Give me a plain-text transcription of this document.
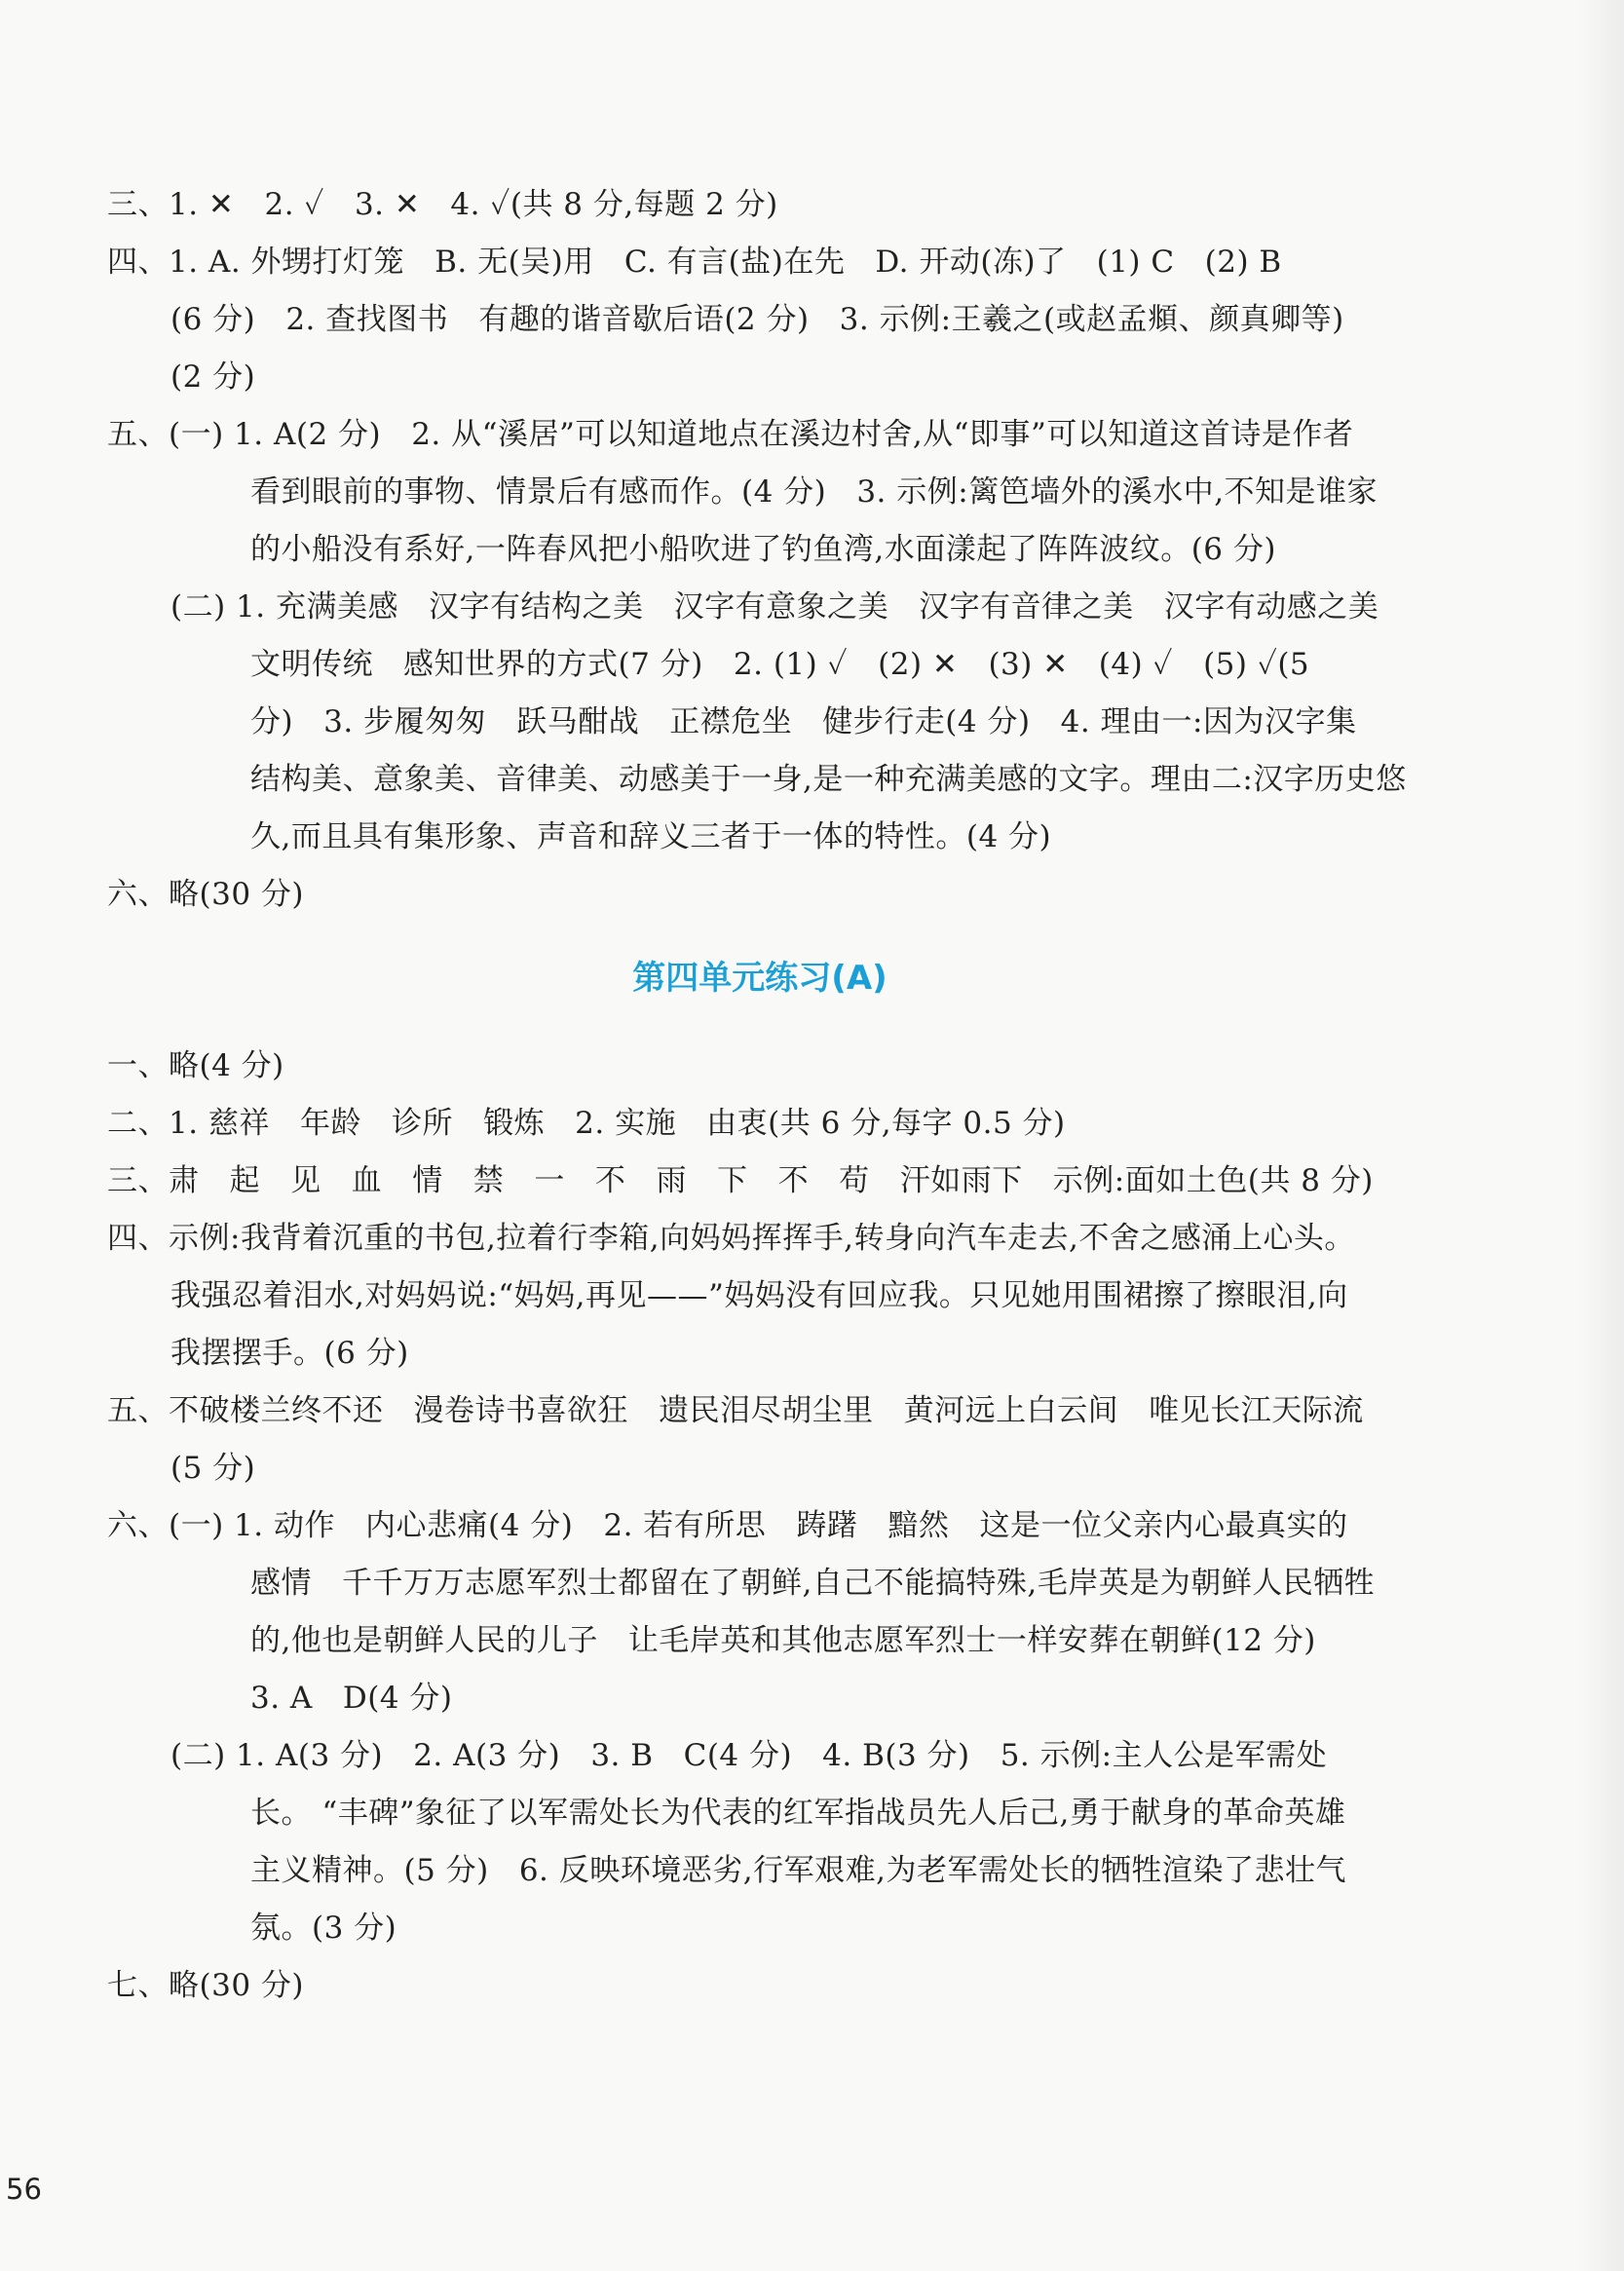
三、1. ✕   2. ✓   3. ✕   4. ✓(共 8 分,每题 2 分)

四、1. A. 外甥打灯笼   B. 无(吴)用   C. 有言(盐)在先   D. 开动(冻)了   (1) C   (2) B

(6 分)   2. 查找图书   有趣的谐音歇后语(2 分)   3. 示例:王羲之(或赵孟頫、颜真卿等)

(2 分)

五、(一) 1. A(2 分)   2. 从“溪居”可以知道地点在溪边村舍,从“即事”可以知道这首诗是作者

看到眼前的事物、情景后有感而作。(4 分)   3. 示例:篱笆墙外的溪水中,不知是谁家

的小船没有系好,一阵春风把小船吹进了钓鱼湾,水面漾起了阵阵波纹。(6 分)

(二) 1. 充满美感   汉字有结构之美   汉字有意象之美   汉字有音律之美   汉字有动感之美

文明传统   感知世界的方式(7 分)   2. (1) ✓   (2) ✕   (3) ✕   (4) ✓   (5) ✓(5

分)   3. 步履匆匆   跃马酣战   正襟危坐   健步行走(4 分)   4. 理由一:因为汉字集

结构美、意象美、音律美、动感美于一身,是一种充满美感的文字。理由二:汉字历史悠

久,而且具有集形象、声音和辞义三者于一体的特性。(4 分)

六、略(30 分)

第四单元练习(A)

一、略(4 分)

二、1. 慈祥   年龄   诊所   锻炼   2. 实施   由衷(共 6 分,每字 0.5 分)

三、肃   起   见   血   情   禁   一   不   雨   下   不   苟   汗如雨下   示例:面如土色(共 8 分)

四、示例:我背着沉重的书包,拉着行李箱,向妈妈挥挥手,转身向汽车走去,不舍之感涌上心头。

我强忍着泪水,对妈妈说:“妈妈,再见——”妈妈没有回应我。只见她用围裙擦了擦眼泪,向

我摆摆手。(6 分)

五、不破楼兰终不还   漫卷诗书喜欲狂   遗民泪尽胡尘里   黄河远上白云间   唯见长江天际流

(5 分)

六、(一) 1. 动作   内心悲痛(4 分)   2. 若有所思   踌躇   黯然   这是一位父亲内心最真实的

感情   千千万万志愿军烈士都留在了朝鲜,自己不能搞特殊,毛岸英是为朝鲜人民牺牲

的,他也是朝鲜人民的儿子   让毛岸英和其他志愿军烈士一样安葬在朝鲜(12 分)

3. A   D(4 分)

(二) 1. A(3 分)   2. A(3 分)   3. B   C(4 分)   4. B(3 分)   5. 示例:主人公是军需处

长。 “丰碑”象征了以军需处长为代表的红军指战员先人后己,勇于献身的革命英雄

主义精神。(5 分)   6. 反映环境恶劣,行军艰难,为老军需处长的牺牲渲染了悲壮气

氛。(3 分)

七、略(30 分)

56
